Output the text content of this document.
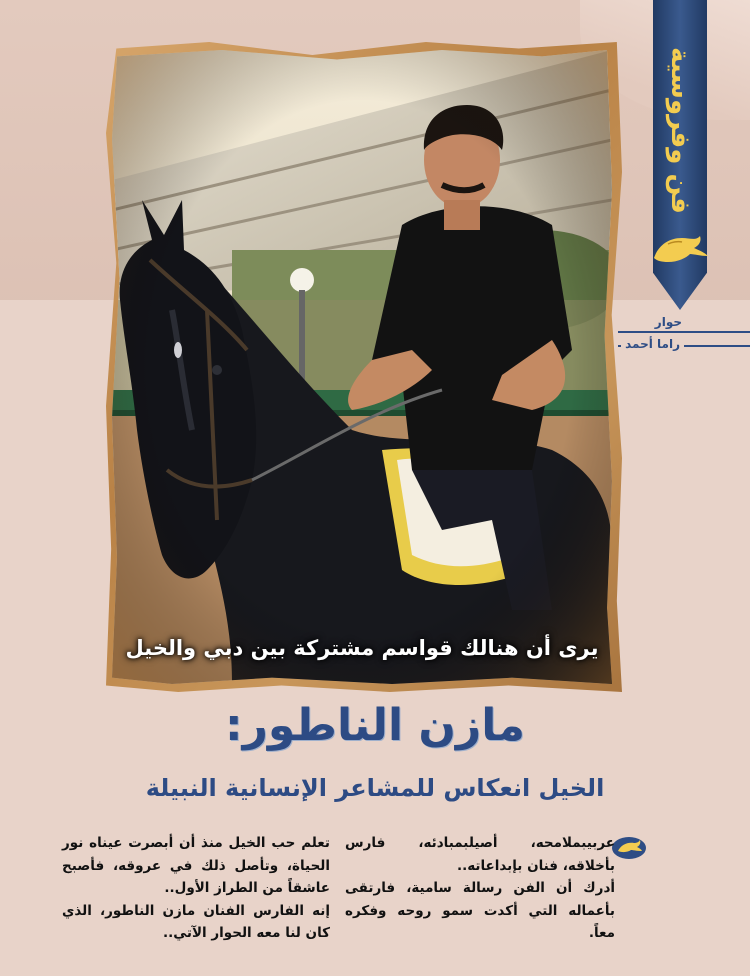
فن وفروسية
حوار
راما أحمد
يرى أن هنالك قواسم مشتركة بين دبي والخيل
مازن الناطور:
الخيل انعكاس للمشاعر الإنسانية النبيلة

عربيبملامحه، أصيلبمبادئه، فارس بأخلاقه، فنان بإبداعاته..

أدرك أن الفن رسالة سامية، فارتقى بأعماله التي أكدت سمو روحه وفكره معاً.

تعلم حب الخيل منذ أن أبصرت عيناه نور الحياة، وتأصل ذلك في عروقه، فأصبح عاشقاً من الطراز الأول..

إنه الفارس الفنان مازن الناطور، الذي كان لنا معه الحوار الآتي..
